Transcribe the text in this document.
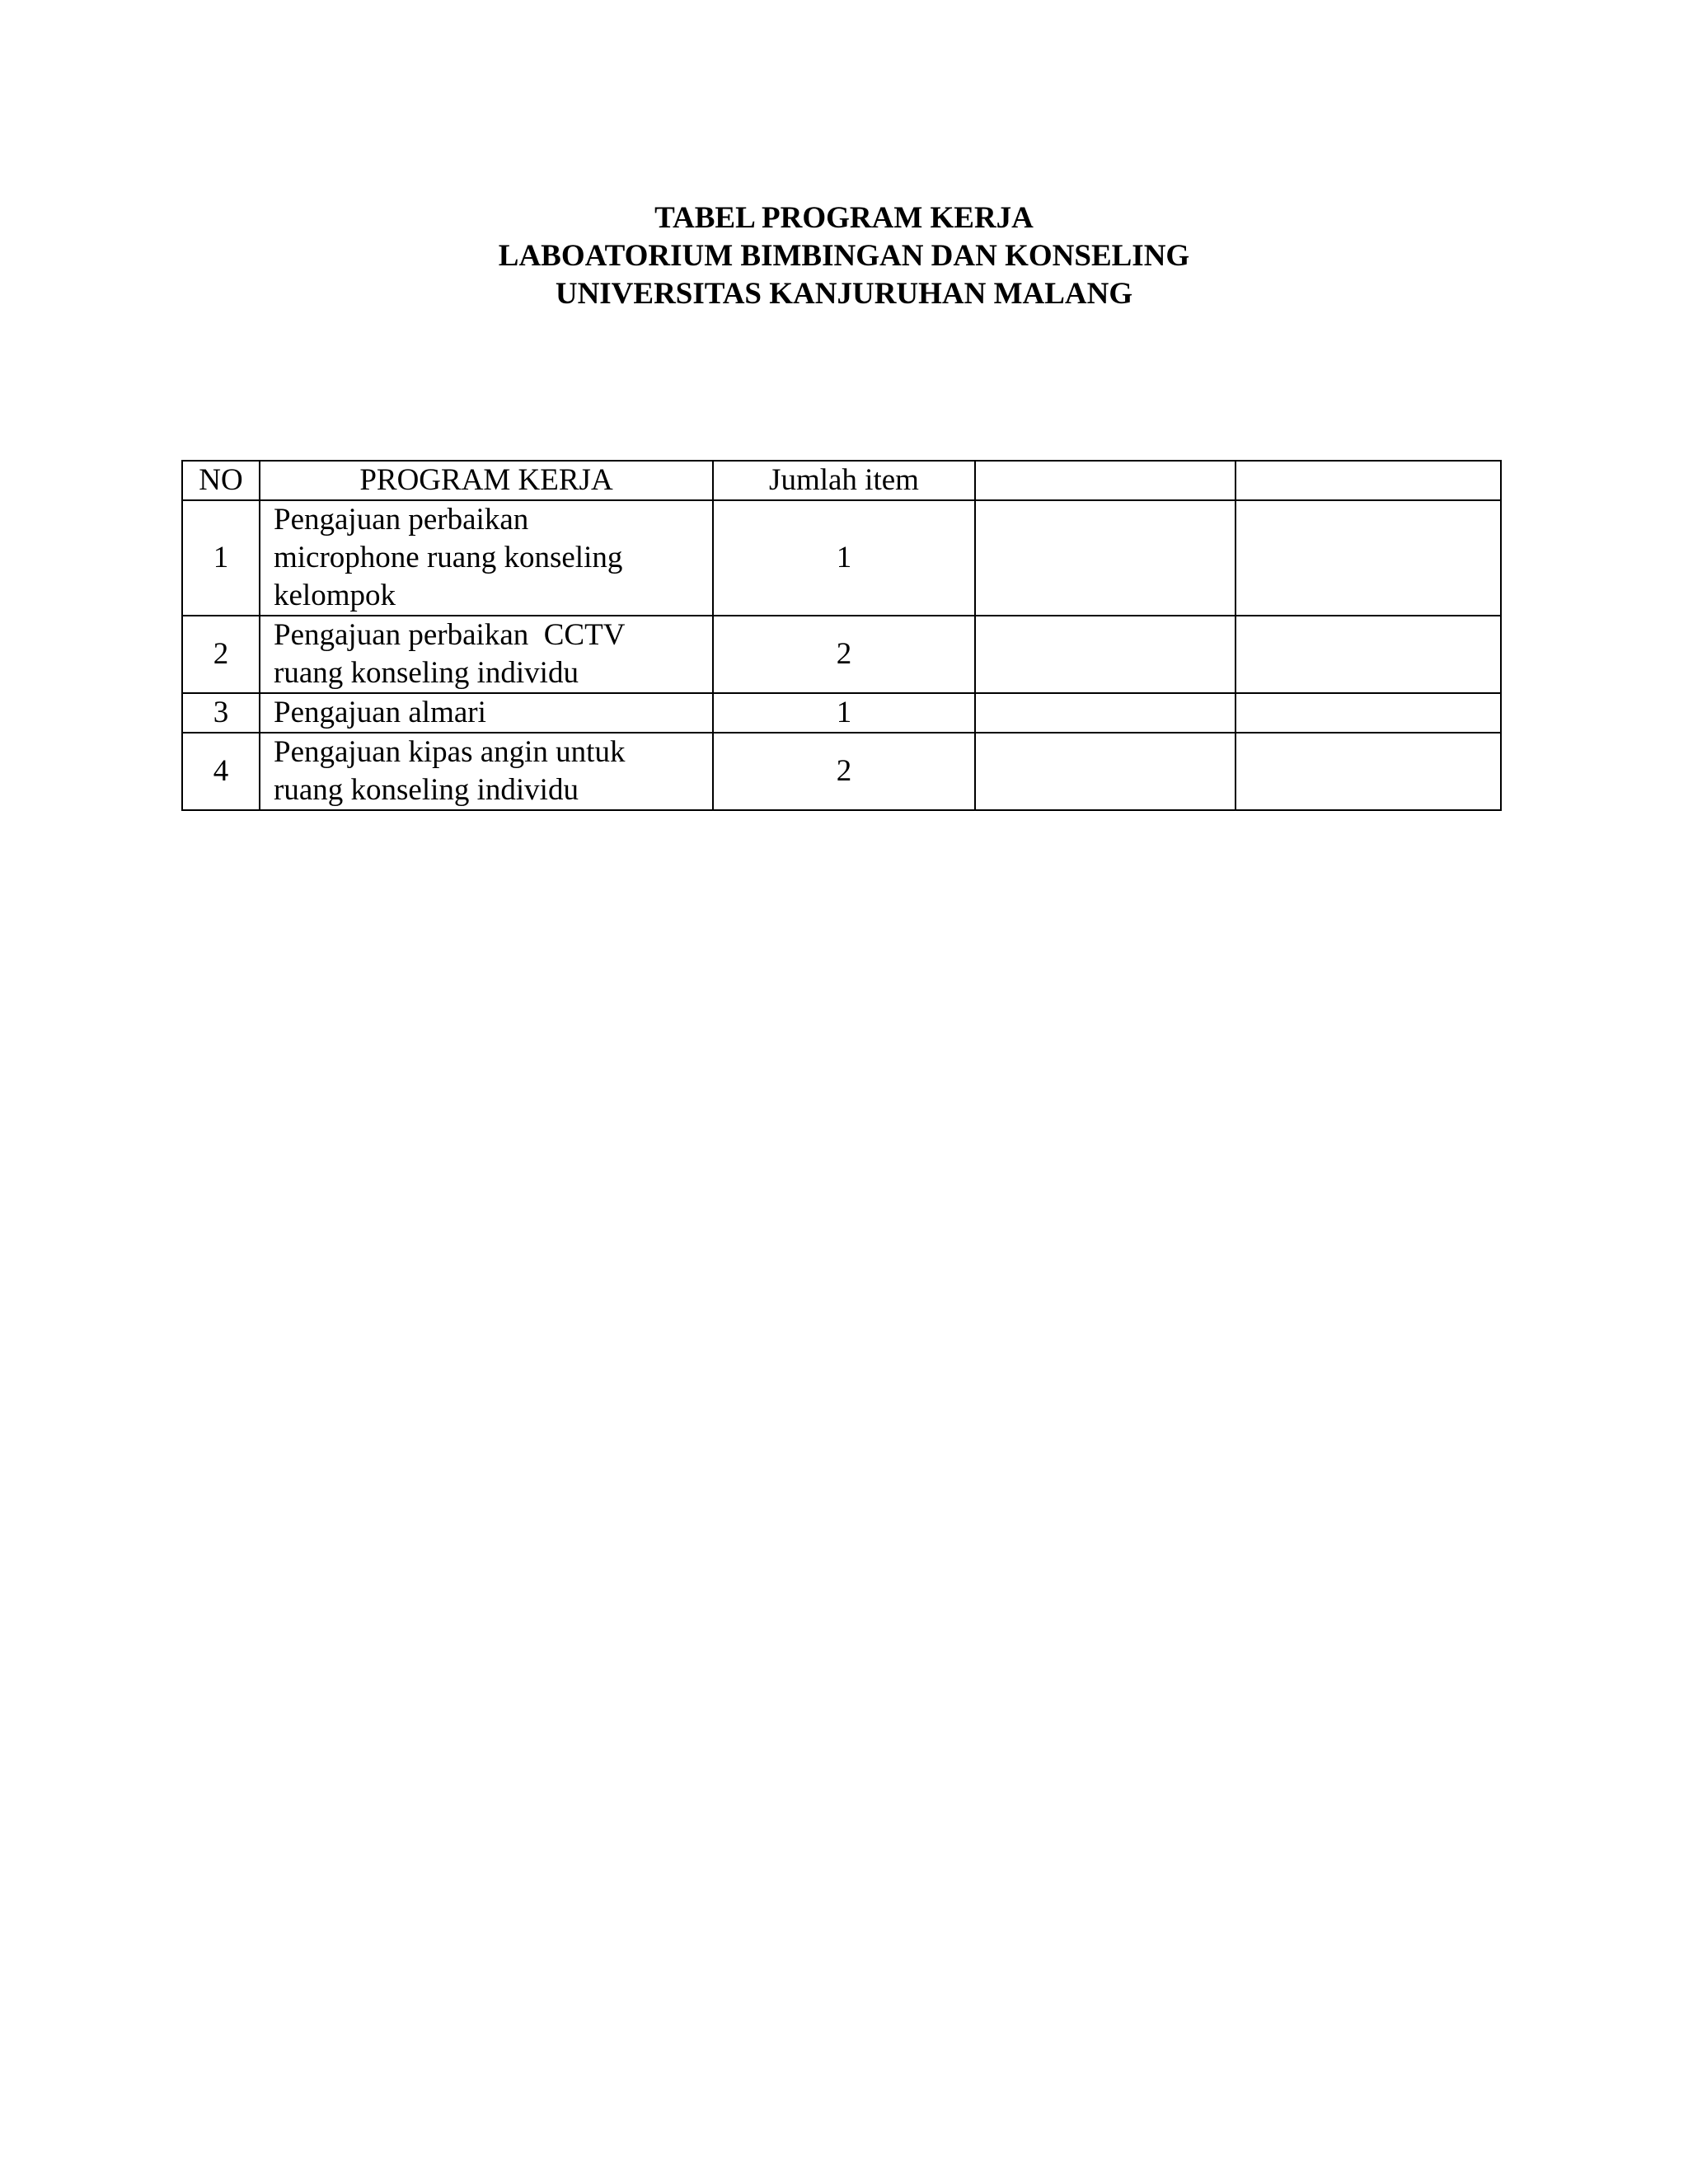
TABEL PROGRAM KERJA
LABOATORIUM BIMBINGAN DAN KONSELING
UNIVERSITAS KANJURUHAN MALANG
NO	PROGRAM KERJA	Jumlah item		
1	Pengajuan perbaikan
microphone ruang konseling
kelompok	1		
2	Pengajuan perbaikan  CCTV
ruang konseling individu	2		
3	Pengajuan almari	1		
4	Pengajuan kipas angin untuk
ruang konseling individu	2		
